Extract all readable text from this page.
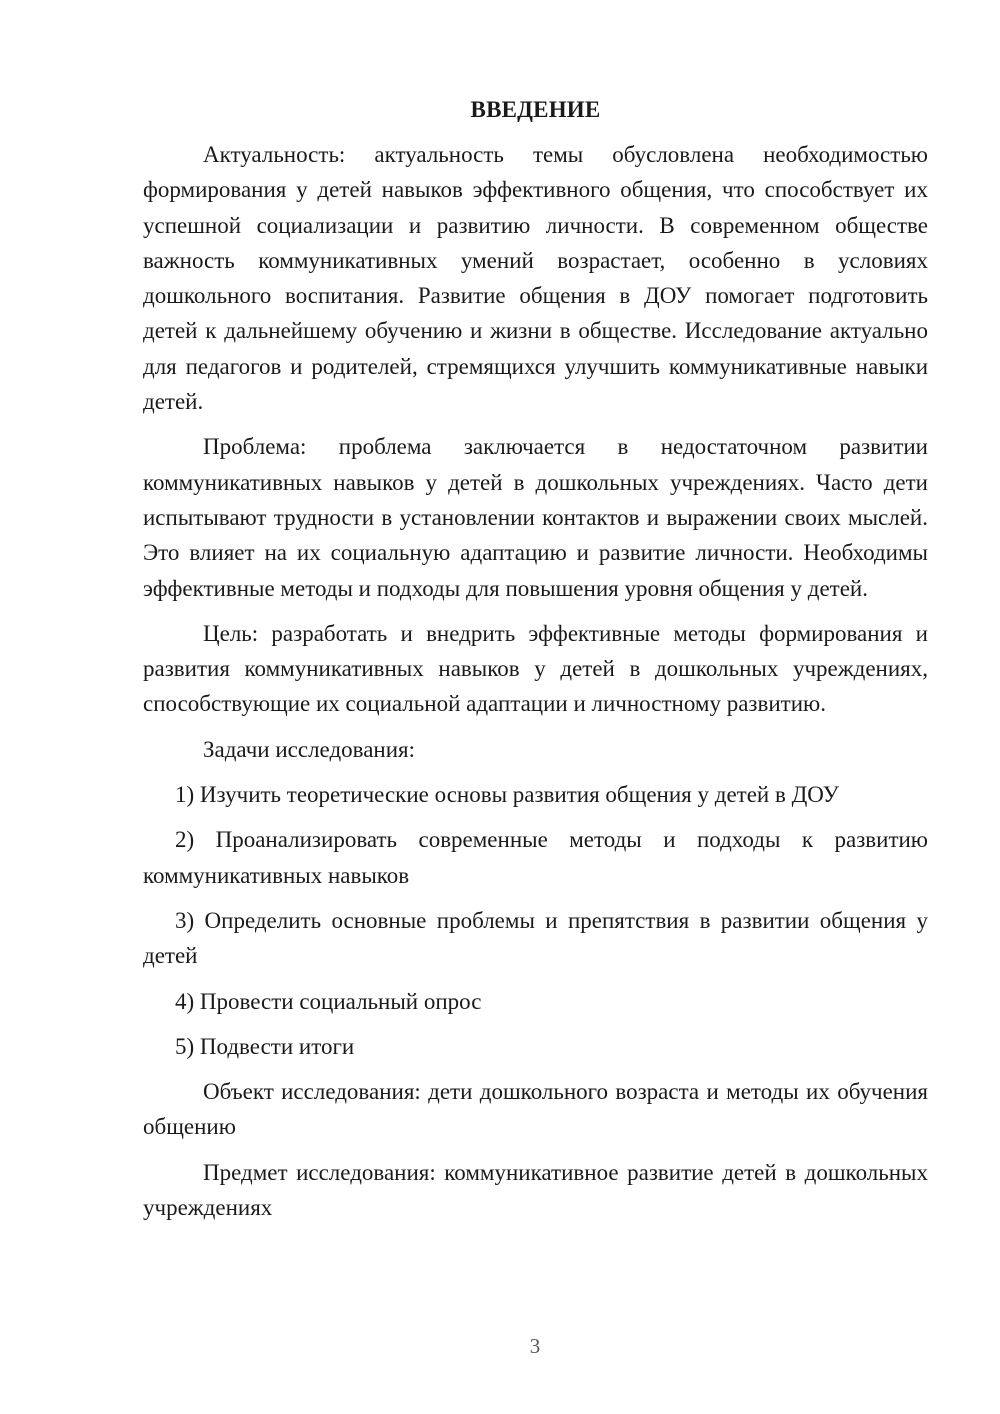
ВВЕДЕНИЕ

Актуальность: актуальность темы обусловлена необходимостью формирования у детей навыков эффективного общения, что способствует их успешной социализации и развитию личности. В современном обществе важность коммуникативных умений возрастает, особенно в условиях дошкольного воспитания. Развитие общения в ДОУ помогает подготовить детей к дальнейшему обучению и жизни в обществе. Исследование актуально для педагогов и родителей, стремящихся улучшить коммуникативные навыки детей.

Проблема: проблема заключается в недостаточном развитии коммуникативных навыков у детей в дошкольных учреждениях. Часто дети испытывают трудности в установлении контактов и выражении своих мыслей. Это влияет на их социальную адаптацию и развитие личности. Необходимы эффективные методы и подходы для повышения уровня общения у детей.

Цель: разработать и внедрить эффективные методы формирования и развития коммуникативных навыков у детей в дошкольных учреждениях, способствующие их социальной адаптации и личностному развитию.

Задачи исследования:

1) Изучить теоретические основы развития общения у детей в ДОУ

2) Проанализировать современные методы и подходы к развитию коммуникативных навыков

3) Определить основные проблемы и препятствия в развитии общения у детей

4) Провести социальный опрос

5) Подвести итоги

Объект исследования: дети дошкольного возраста и методы их обучения общению

Предмет исследования: коммуникативное развитие детей в дошкольных учреждениях

3
